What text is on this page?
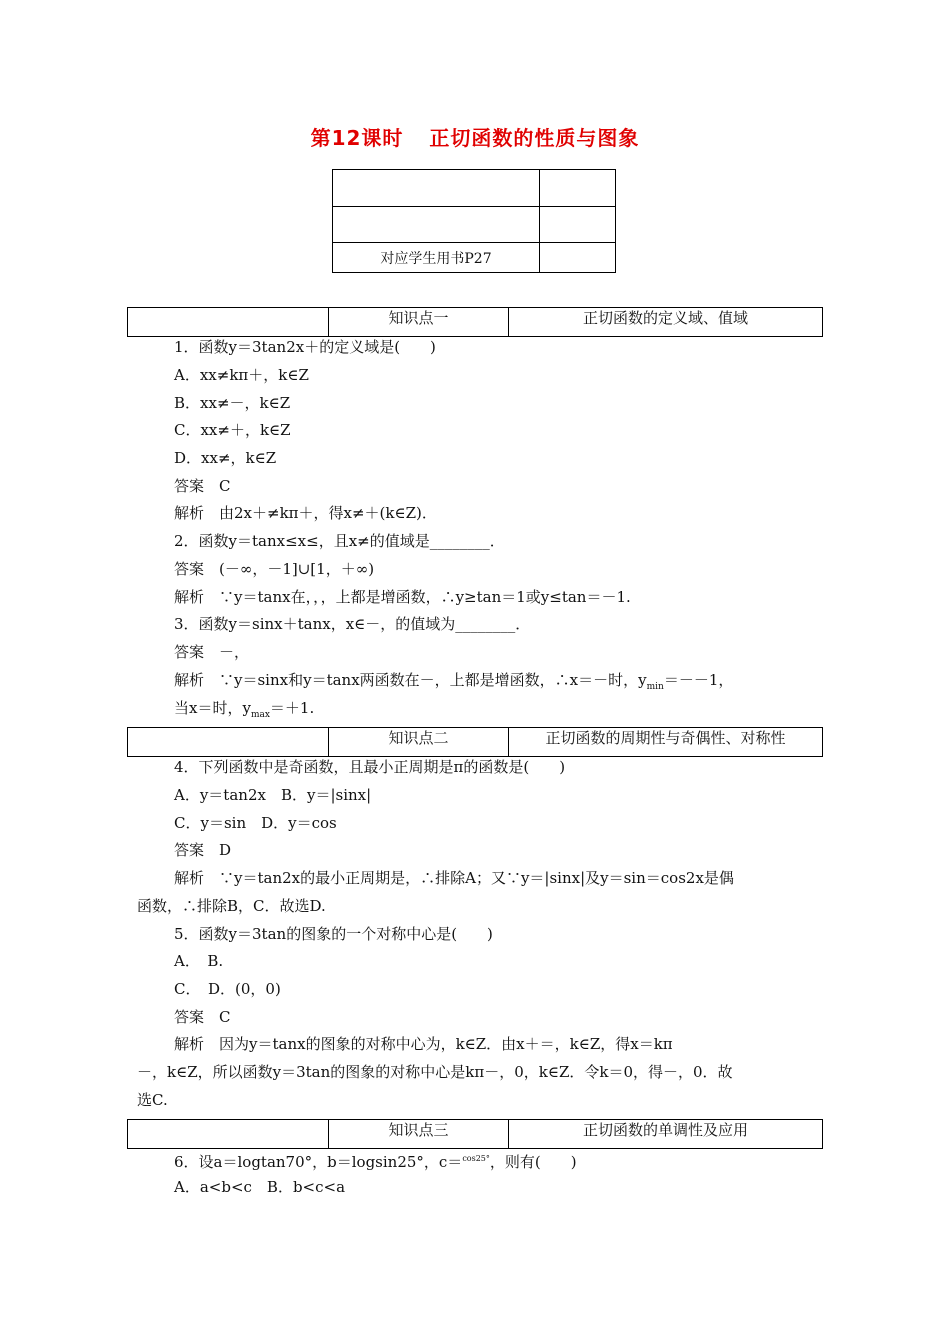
第12课时 正切函数的性质与图象

对应学生用书P27	
知识点一	正切函数的定义域、值域
1．函数y＝3tan2x＋的定义域是(　　)
A．xx≠kπ＋，k∈Z
B．xx≠－，k∈Z
C．xx≠＋，k∈Z
D．xx≠，k∈Z
答案　C
解析　由2x＋≠kπ＋，得x≠＋(k∈Z)．
2．函数y＝tanx≤x≤，且x≠的值域是________．
答案　(－∞，－1]∪[1，＋∞)
解析　∵y＝tanx在，，，上都是增函数，∴y≥tan＝1或y≤tan＝－1.
3．函数y＝sinx＋tanx，x∈－，的值域为________．
答案　－，
解析　∵y＝sinx和y＝tanx两函数在－，上都是增函数，∴x＝－时，$y_{min}=--1$，
当x＝时，$y_{max}=+1$.
知识点二	正切函数的周期性与奇偶性、对称性
4．下列函数中是奇函数，且最小正周期是π的函数是(　　)
A．y＝tan2x　B．y＝|sinx|
C．y＝sin　D．y＝cos
答案　D
解析　∵y＝tan2x的最小正周期是，∴排除A；又∵y＝|sinx|及y＝sin＝cos2x是偶
函数，∴排除B，C．故选D.
5．函数y＝3tan的图象的一个对称中心是(　　)
A．　B.
C．　D．(0，0)
答案　C
解析　因为y＝tanx的图象的对称中心为，k∈Z．由x＋＝，k∈Z，得x＝kπ
－，k∈Z，所以函数y＝3tan的图象的对称中心是kπ－，0，k∈Z．令k＝0，得－，0．故
选C.
知识点三	正切函数的单调性及应用
6．设a＝logtan70°，b＝logsin25°，c＝$^{cos25^\circ}$，则有(　　)
A．a<b<c　B．b<c<a
